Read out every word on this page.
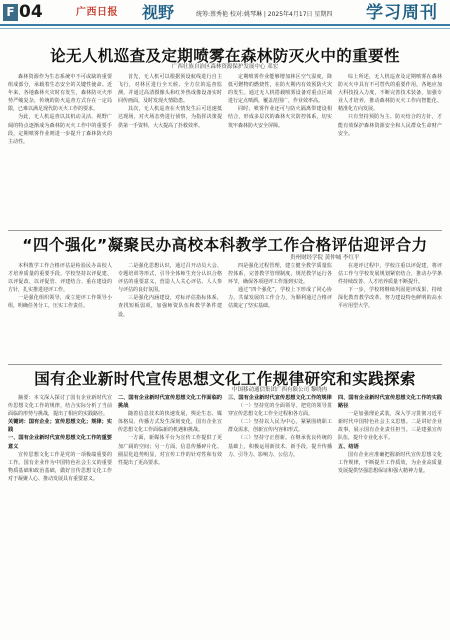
F 04	广西日报	视野	统筹:蔡秀艳 校对:姚琴琳 | 2025年4月17日 星期四 学习周刊
论无人机巡查及定期喷雾在森林防灭火中的重要性
广西壮族自治区森林资源保护发展中心 邓宏

森林资源作为生态系统中不可或缺的重要组成部分，承载着生态安全的关键性使命。近年来，各地森林火灾时有发生，森林防灭火形势严峻复杂，传统的防火巡查方式存在一定局限，已难以满足现代防灭火工作的要求。

为此，无人机巡查以其机动灵活、视野广阔的特点逐渐成为森林防灭火工作中的重要手段，定期喷雾作业则进一步提升了森林防火的主动性。

首先，无人机可以根据预设航线进行自主飞行，对林区进行全天候、全方位的巡查监测，并通过高清摄像头和红外热成像设备实时回传画面，及时发现火情隐患。

其次，无人机巡查在火情发生后可迅速抵达现场，对火场态势进行侦察，为指挥决策提供第一手资料，大大提高了扑救效率。

定期喷雾作业能够增加林区空气湿度，降低可燃物的燃烧性，在防火期内有效预防火灾的发生。通过无人机搭载喷雾设备对重点区域进行定点喷洒，覆盖范围广，作业效率高。

同时，喷雾作业还可与防火隔离带建设相结合，形成多层次的森林火灾防控体系，切实筑牢森林防火安全屏障。

综上所述，无人机巡查及定期喷雾在森林防灭火中具有不可替代的重要作用。各地应加大科技投入力度，不断完善技术装备，加强专业人才培养，推动森林防灭火工作向智能化、精准化方向发展。

只有坚持预防为主、防灭结合的方针，才能有效保护森林资源安全和人民群众生命财产安全。

“四个强化”凝聚民办高校本科教学工作合格评估迎评合力
贵州财经学院 黄仲城 李红平

本科教学工作合格评估是检验民办高校人才培养质量的重要手段。学校坚持以评促建、以评促改、以评促管、评建结合、重在建设的方针，扎实推进迎评工作。

一是强化组织领导，成立迎评工作领导小组，明确任务分工，压实工作责任。

二是强化思想认识，通过召开动员大会、专题培训等形式，引导全体师生充分认识合格评估的重要意义，营造人人关心评估、人人参与评估的良好氛围。

三是强化内涵建设，对标评估指标体系，查找短板弱项，加强师资队伍和教学条件建设。

四是强化过程管理，建立健全教学质量监控体系，完善教学管理制度，规范教学运行各环节，确保各项迎评工作落到实处。

通过“四个强化”，学校上下形成了同心协力、共谋发展的工作合力，为顺利通过合格评估奠定了坚实基础。

在迎评过程中，学校注重以评促建，将评估工作与学校发展规划紧密结合，推动办学条件持续改善、人才培养质量不断提升。

下一步，学校将继续巩固迎评成果，持续深化教育教学改革，努力建设特色鲜明的高水平应用型大学。

国有企业新时代宣传思想文化工作规律研究和实践探索
中国移动通信集团广西有限公司 黎晓冉

摘要：本文深入探讨了国有企业新时代宣传思想文化工作的规律，结合实际分析了当前面临的形势与挑战，提出了相应的实践路径。

关键词：国有企业；宣传思想文化；规律；实践

一、国有企业新时代宣传思想文化工作的重要意义

宣传思想文化工作是党的一项极端重要的工作。国有企业作为中国特色社会主义的重要物质基础和政治基础，做好宣传思想文化工作对于凝聚人心、推动发展具有重要意义。

二、国有企业新时代宣传思想文化工作面临的挑战

随着信息技术的快速发展，舆论生态、媒体格局、传播方式发生深刻变化，国有企业宣传思想文化工作面临新的机遇和挑战。

一方面，新媒体平台为宣传工作提供了更加广阔的空间；另一方面，信息传播碎片化、圈层化趋势明显，对宣传工作的针对性和有效性提出了更高要求。

三、国有企业新时代宣传思想文化工作的规律

（一）坚持党的全面领导。把党的领导贯穿宣传思想文化工作全过程和各方面。

（二）坚持以人民为中心。紧紧围绕职工群众需求，创新宣传内容和形式。

（三）坚持守正创新。在继承优良传统的基础上，积极运用新技术、新手段，提升传播力、引导力、影响力、公信力。

四、国有企业新时代宣传思想文化工作的实践路径

一是加强理论武装，深入学习贯彻习近平新时代中国特色社会主义思想。二是讲好企业故事，展示国有企业责任担当。三是建强宣传队伍，提升专业化水平。

五、结语

国有企业应准确把握新时代宣传思想文化工作规律，不断提升工作质效，为企业高质量发展提供坚强思想保证和强大精神力量。
